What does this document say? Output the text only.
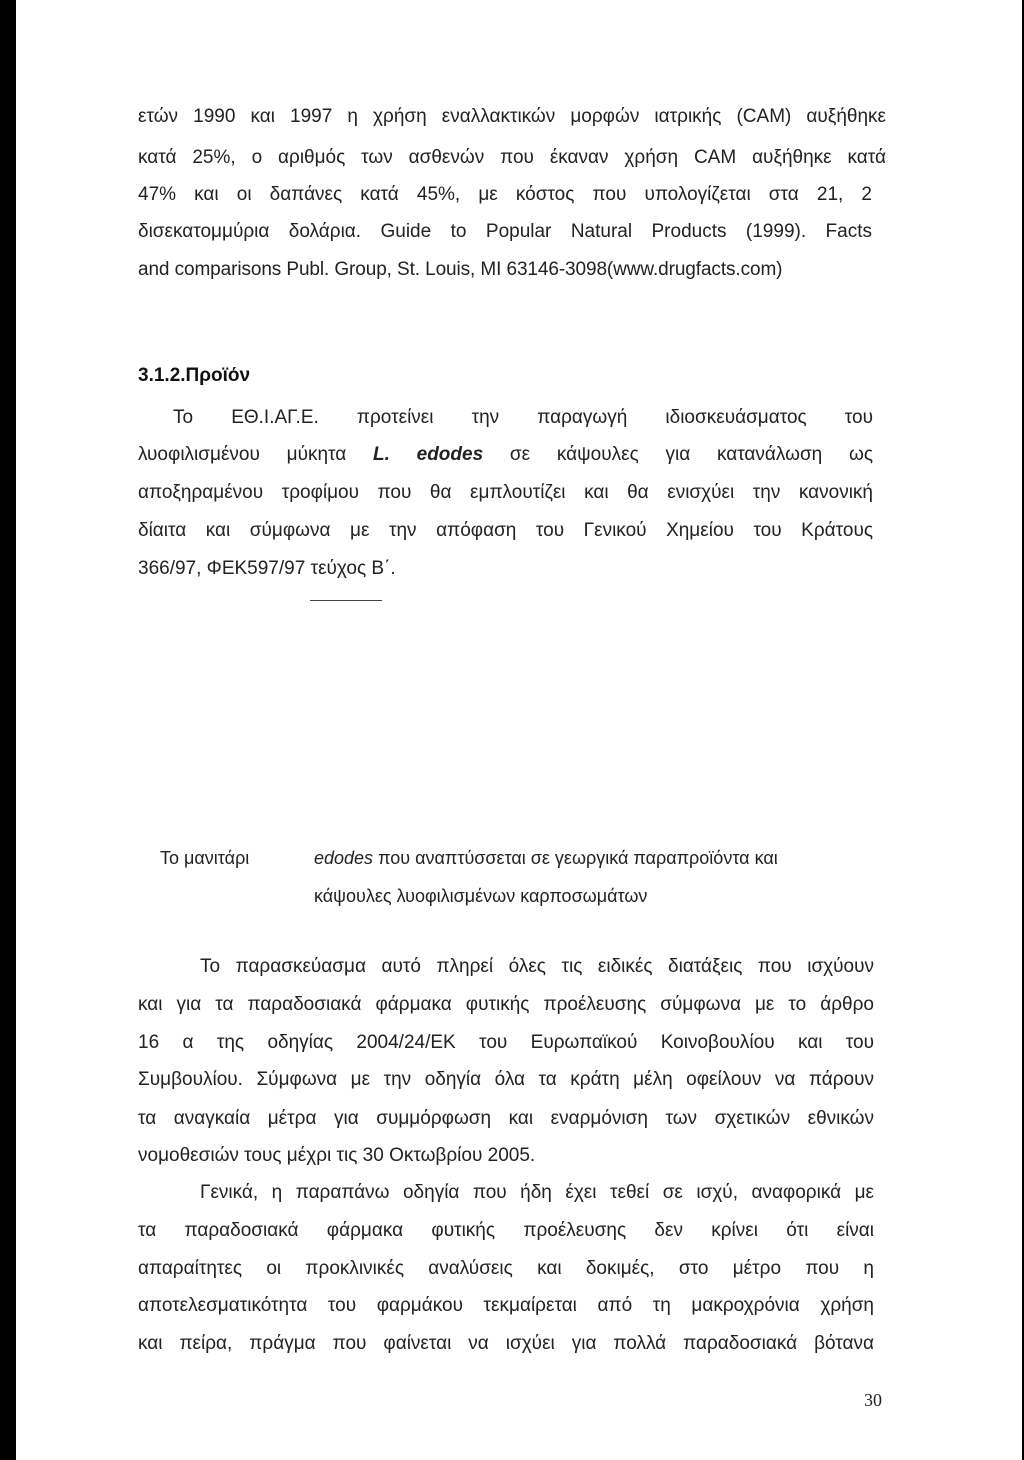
ετών 1990 και 1997 η χρήση εναλλακτικών μορφών ιατρικής (CAM) αυξήθηκε
κατά 25%, ο αριθμός των ασθενών που έκαναν χρήση CAM αυξήθηκε κατά
47% και οι δαπάνες κατά 45%, με κόστος που υπολογίζεται στα 21, 2
δισεκατομμύρια δολάρια. Guide to Popular Natural Products (1999). Facts
and comparisons Publ. Group, St. Louis, MI 63146-3098(www.drugfacts.com)
3.1.2.Προϊόν
Το ΕΘ.Ι.ΑΓ.Ε. προτείνει την παραγωγή ιδιοσκευάσματος του
λυοφιλισμένου μύκητα L. edodes σε κάψουλες για κατανάλωση ως
αποξηραμένου τροφίμου που θα εμπλουτίζει και θα ενισχύει την κανονική
δίαιτα και σύμφωνα με την απόφαση του Γενικού Χημείου του Κράτους
366/97, ΦΕΚ597/97 τεύχος Β΄.
Το μανιτάρι	edodes που αναπτύσσεται σε γεωργικά παραπροϊόντα και
κάψουλες λυοφιλισμένων καρποσωμάτων
Το παρασκεύασμα αυτό πληρεί όλες τις ειδικές διατάξεις που ισχύουν
και για τα παραδοσιακά φάρμακα φυτικής προέλευσης σύμφωνα με το άρθρο
16 α της οδηγίας 2004/24/ΕΚ του Ευρωπαϊκού Κοινοβουλίου και του
Συμβουλίου. Σύμφωνα με την οδηγία όλα τα κράτη μέλη οφείλουν να πάρουν
τα αναγκαία μέτρα για συμμόρφωση και εναρμόνιση των σχετικών εθνικών
νομοθεσιών τους μέχρι τις 30 Οκτωβρίου 2005.
Γενικά, η παραπάνω οδηγία που ήδη έχει τεθεί σε ισχύ, αναφορικά με
τα παραδοσιακά φάρμακα φυτικής προέλευσης δεν κρίνει ότι είναι
απαραίτητες οι προκλινικές αναλύσεις και δοκιμές, στο μέτρο που η
αποτελεσματικότητα του φαρμάκου τεκμαίρεται από τη μακροχρόνια χρήση
και πείρα, πράγμα που φαίνεται να ισχύει για πολλά παραδοσιακά βότανα
30
